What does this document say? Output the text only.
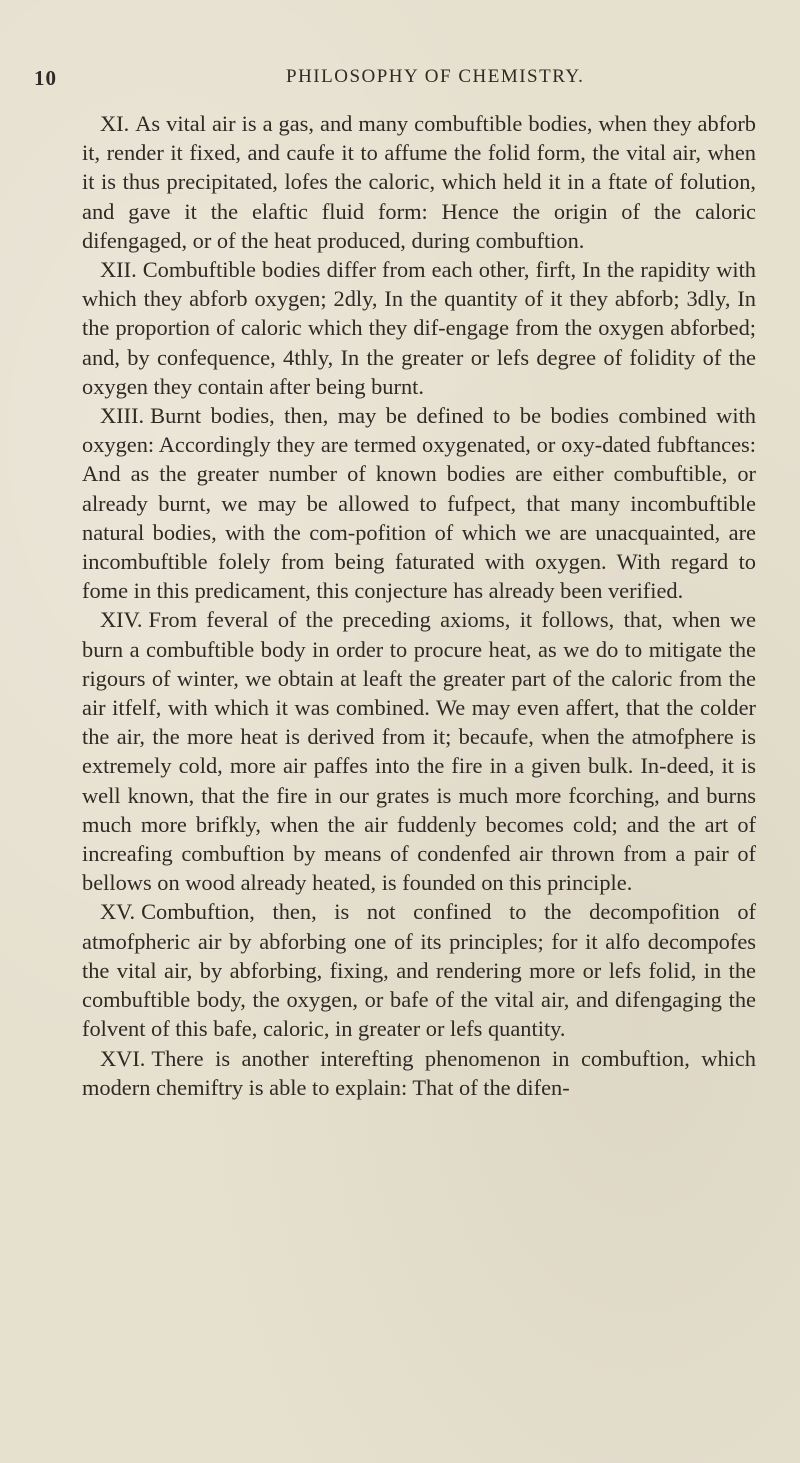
10	PHILOSOPHY OF CHEMISTRY.

XI. As vital air is a gas, and many combuftible bodies, when they abforb it, render it fixed, and caufe it to affume the folid form, the vital air, when it is thus precipitated, lofes the caloric, which held it in a ftate of folution, and gave it the elaftic fluid form: Hence the origin of the caloric difengaged, or of the heat produced, during combuftion.

XII. Combuftible bodies differ from each other, firft, In the rapidity with which they abforb oxygen; 2dly, In the quantity of it they abforb; 3dly, In the proportion of caloric which they dif-engage from the oxygen abforbed; and, by confequence, 4thly, In the greater or lefs degree of folidity of the oxygen they contain after being burnt.

XIII. Burnt bodies, then, may be defined to be bodies combined with oxygen: Accordingly they are termed oxygenated, or oxy-dated fubftances: And as the greater number of known bodies are either combuftible, or already burnt, we may be allowed to fufpect, that many incombuftible natural bodies, with the com-pofition of which we are unacquainted, are incombuftible folely from being faturated with oxygen. With regard to fome in this predicament, this conjecture has already been verified.

XIV. From feveral of the preceding axioms, it follows, that, when we burn a combuftible body in order to procure heat, as we do to mitigate the rigours of winter, we obtain at leaft the greater part of the caloric from the air itfelf, with which it was combined. We may even affert, that the colder the air, the more heat is derived from it; becaufe, when the atmofphere is extremely cold, more air paffes into the fire in a given bulk. In-deed, it is well known, that the fire in our grates is much more fcorching, and burns much more brifkly, when the air fuddenly becomes cold; and the art of increafing combuftion by means of condenfed air thrown from a pair of bellows on wood already heated, is founded on this principle.

XV. Combuftion, then, is not confined to the decompofition of atmofpheric air by abforbing one of its principles; for it alfo decompofes the vital air, by abforbing, fixing, and rendering more or lefs folid, in the combuftible body, the oxygen, or bafe of the vital air, and difengaging the folvent of this bafe, caloric, in greater or lefs quantity.

XVI. There is another interefting phenomenon in combuftion, which modern chemiftry is able to explain: That of the difen-
